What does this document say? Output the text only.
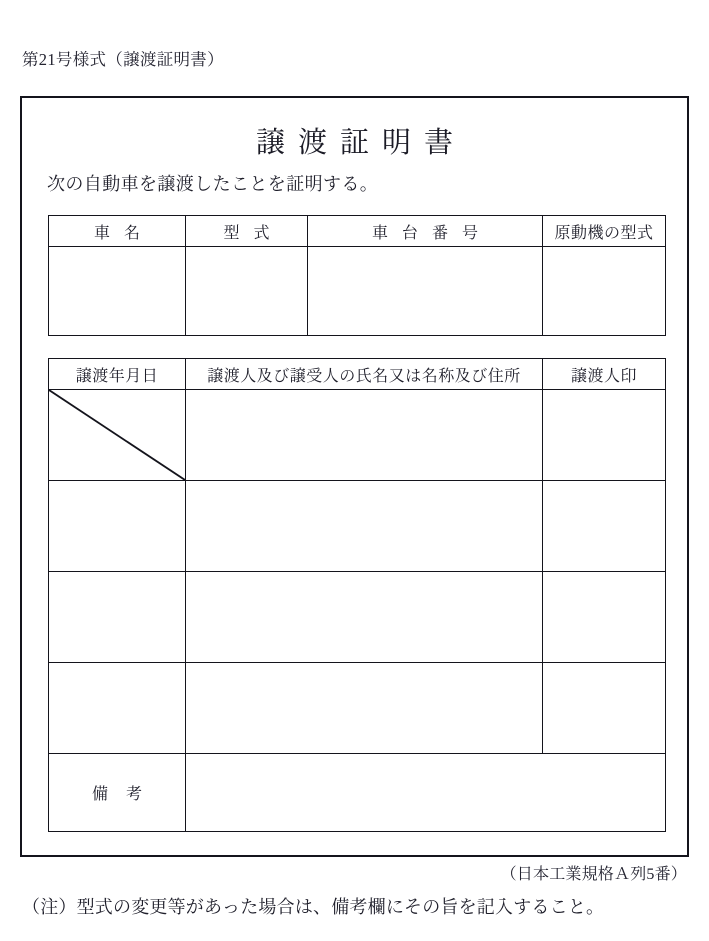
第21号様式（譲渡証明書）
譲渡証明書
次の自動車を譲渡したことを証明する。
車 名	型 式	車 台 番 号	原動機の型式

譲渡年月日	譲渡人及び譲受人の氏名又は名称及び住所	譲渡人印

備 考		
（日本工業規格Ａ列5番）
（注）型式の変更等があった場合は、備考欄にその旨を記入すること。
